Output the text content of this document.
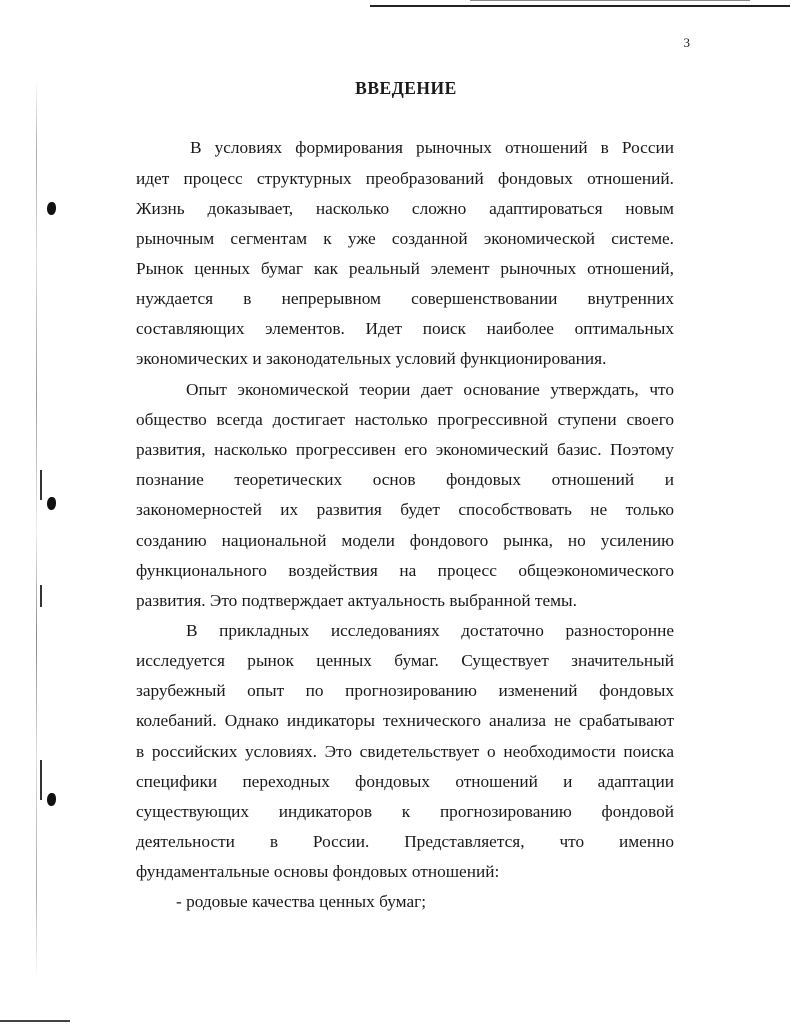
3
ВВЕДЕНИЕ
В условиях формирования рыночных отношений в России
идет процесс структурных преобразований фондовых отношений.
Жизнь доказывает, насколько сложно адаптироваться новым
рыночным сегментам к уже созданной экономической системе.
Рынок ценных бумаг как реальный элемент рыночных отношений,
нуждается в непрерывном совершенствовании внутренних
составляющих элементов. Идет поиск наиболее оптимальных
экономических и законодательных условий функционирования.
Опыт экономической теории дает основание утверждать, что
общество всегда достигает настолько прогрессивной ступени своего
развития, насколько прогрессивен его экономический базис. Поэтому
познание теоретических основ фондовых отношений и
закономерностей их развития будет способствовать не только
созданию национальной модели фондового рынка, но усилению
функционального воздействия на процесс общеэкономического
развития. Это подтверждает актуальность выбранной темы.
В прикладных исследованиях достаточно разносторонне
исследуется рынок ценных бумаг. Существует значительный
зарубежный опыт по прогнозированию изменений фондовых
колебаний. Однако индикаторы технического анализа не срабатывают
в российских условиях. Это свидетельствует о необходимости поиска
специфики переходных фондовых отношений и адаптации
существующих индикаторов к прогнозированию фондовой
деятельности в России. Представляется, что именно
фундаментальные основы фондовых отношений:
- родовые качества ценных бумаг;
